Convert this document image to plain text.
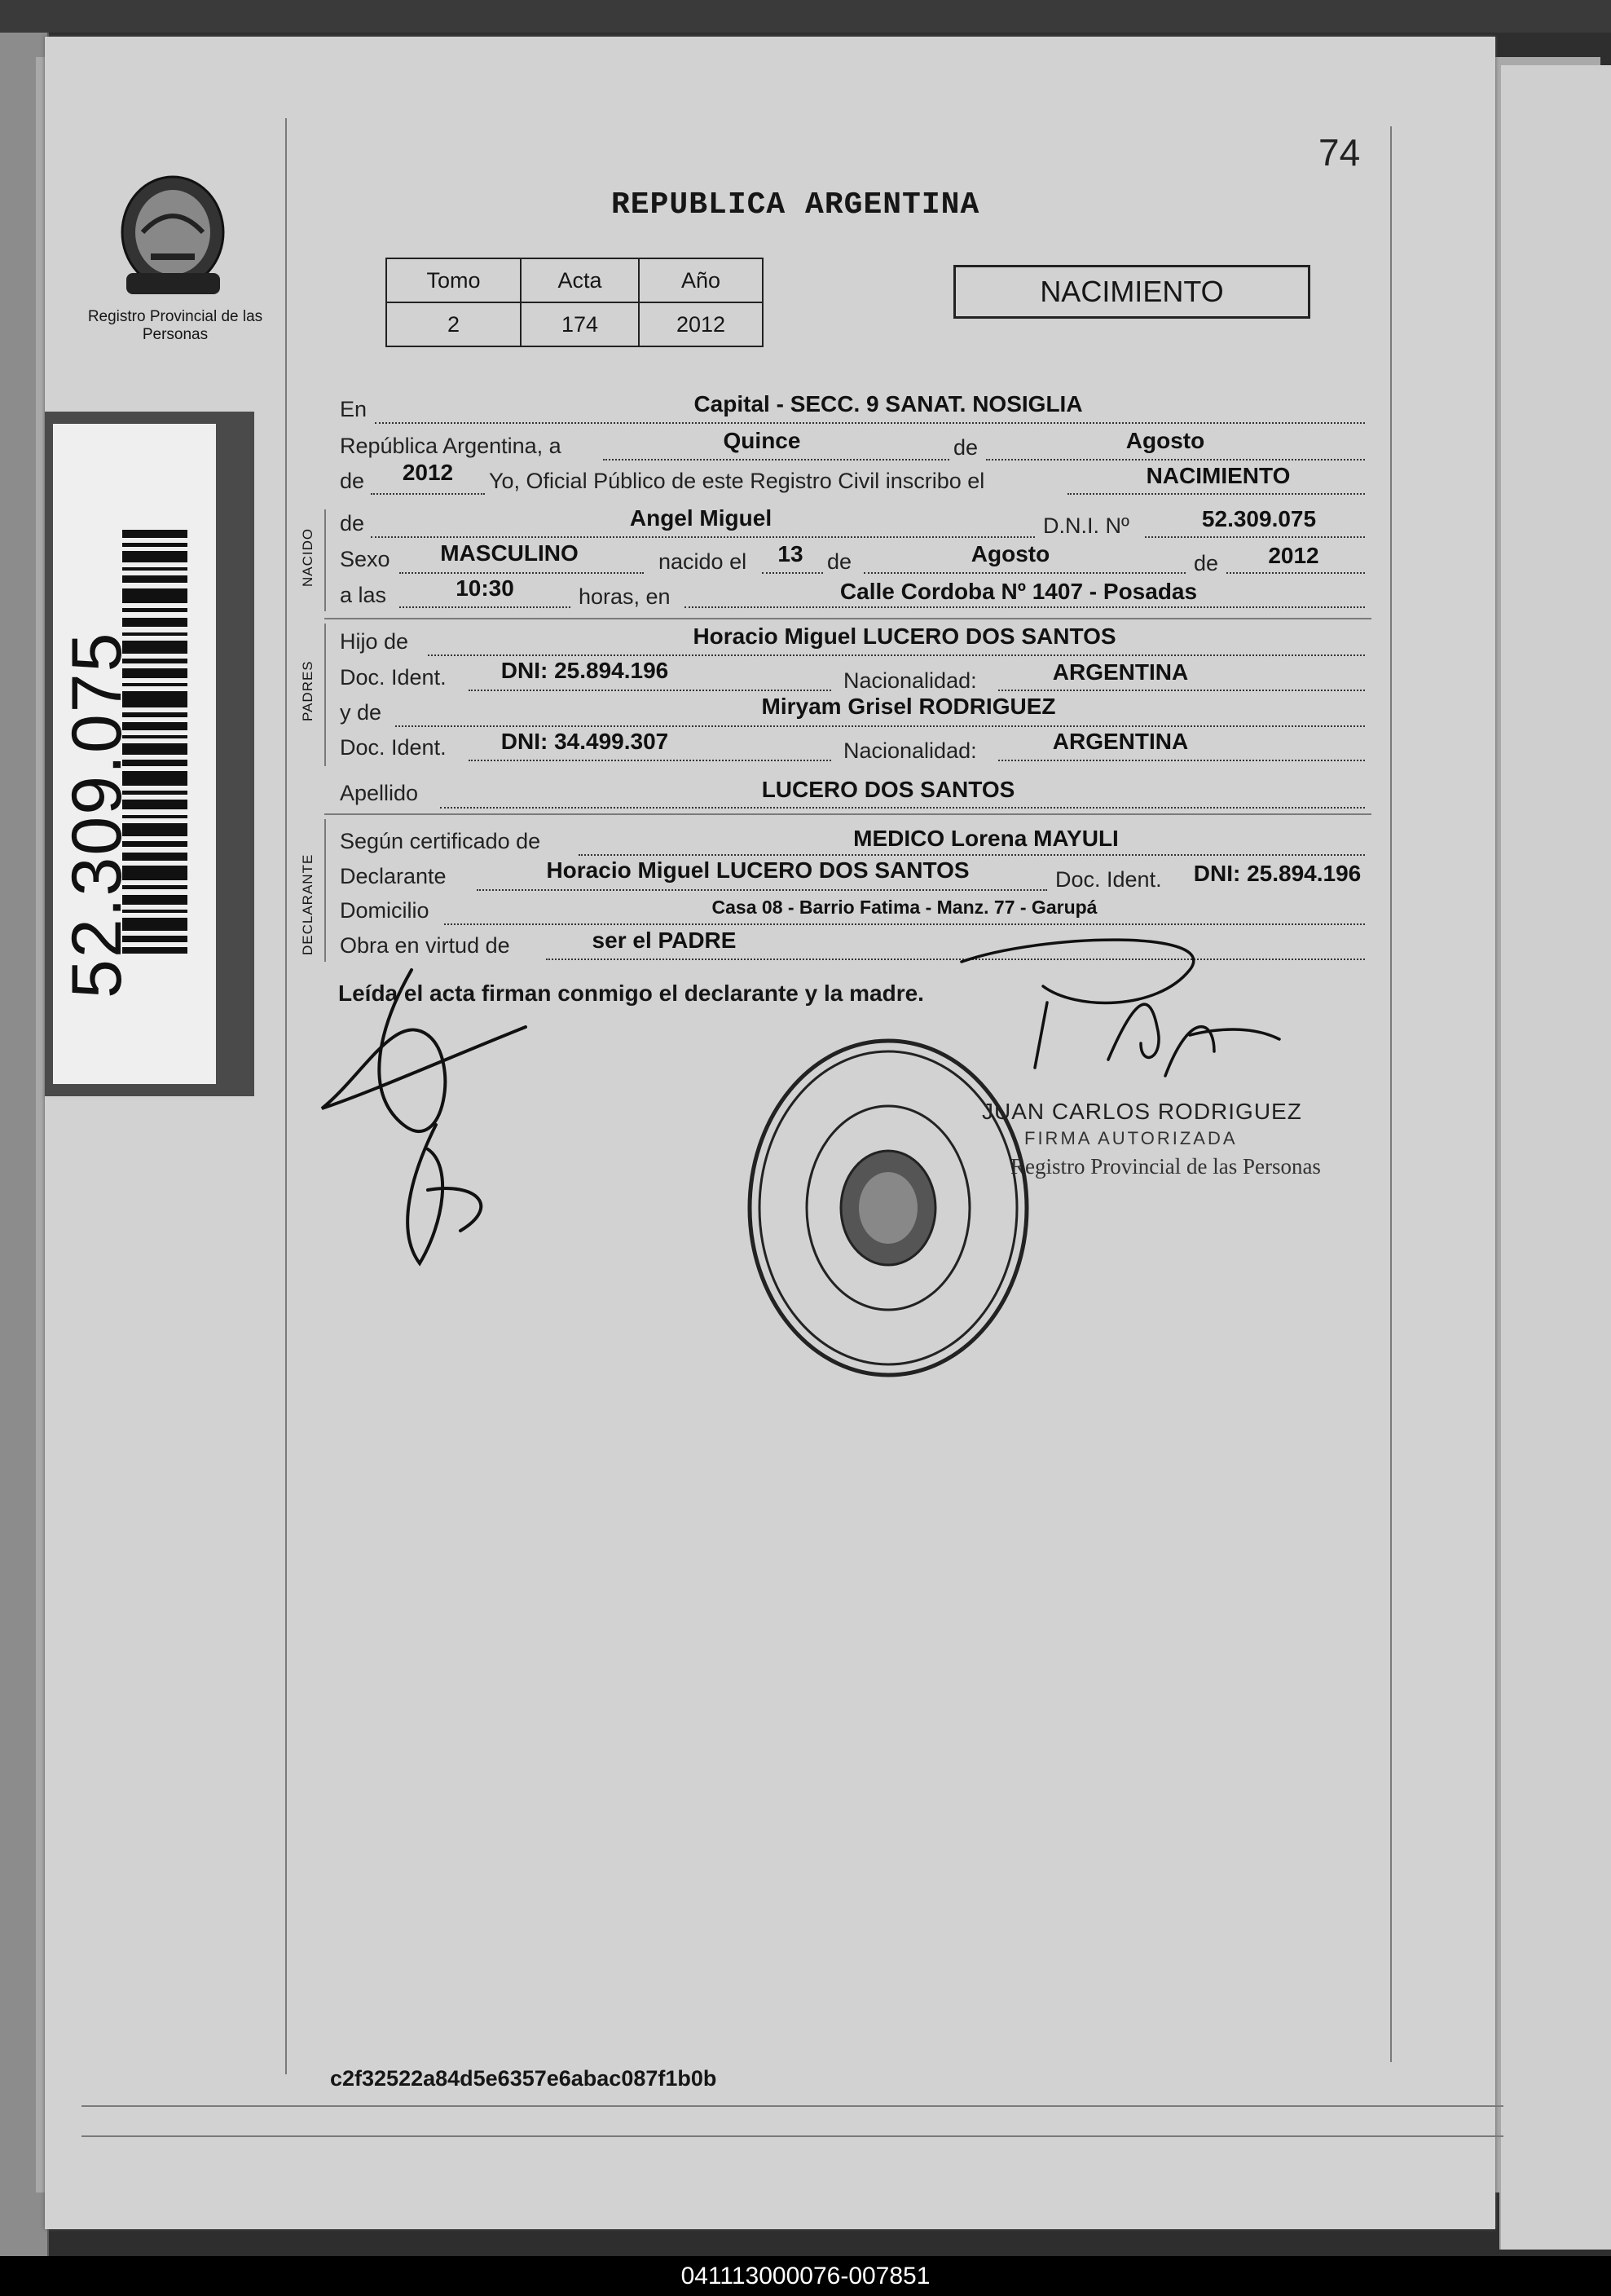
52.309.075
Registro Provincial de las Personas
74
REPUBLICA ARGENTINA
Tomo	Acta	Año
2	174	2012
NACIMIENTO
NACIDO
PADRES
DECLARANTE
En	Capital - SECC. 9 SANAT. NOSIGLIA
República Argentina, a	Quince	de	Agosto
de	2012	Yo, Oficial Público de este Registro Civil inscribo el	NACIMIENTO
de	Angel Miguel	D.N.I. Nº	52.309.075
Sexo	MASCULINO	nacido el	13	de	Agosto	de	2012
a las	10:30	horas, en	Calle Cordoba Nº 1407 - Posadas
Hijo de	Horacio Miguel LUCERO DOS SANTOS
Doc. Ident.	DNI: 25.894.196	Nacionalidad:	ARGENTINA
y de	Miryam Grisel RODRIGUEZ
Doc. Ident.	DNI: 34.499.307	Nacionalidad:	ARGENTINA
Apellido	LUCERO DOS SANTOS
Según certificado de	MEDICO Lorena MAYULI
Declarante	Horacio Miguel LUCERO DOS SANTOS	Doc. Ident.	DNI: 25.894.196
Domicilio	Casa 08 - Barrio Fatima - Manz. 77 - Garupá
Obra en virtud de	ser el PADRE
Leída el acta firman conmigo el declarante y la madre.
JUAN CARLOS RODRIGUEZ
FIRMA AUTORIZADA
Registro Provincial de las Personas
c2f32522a84d5e6357e6abac087f1b0b
041113000076-007851
